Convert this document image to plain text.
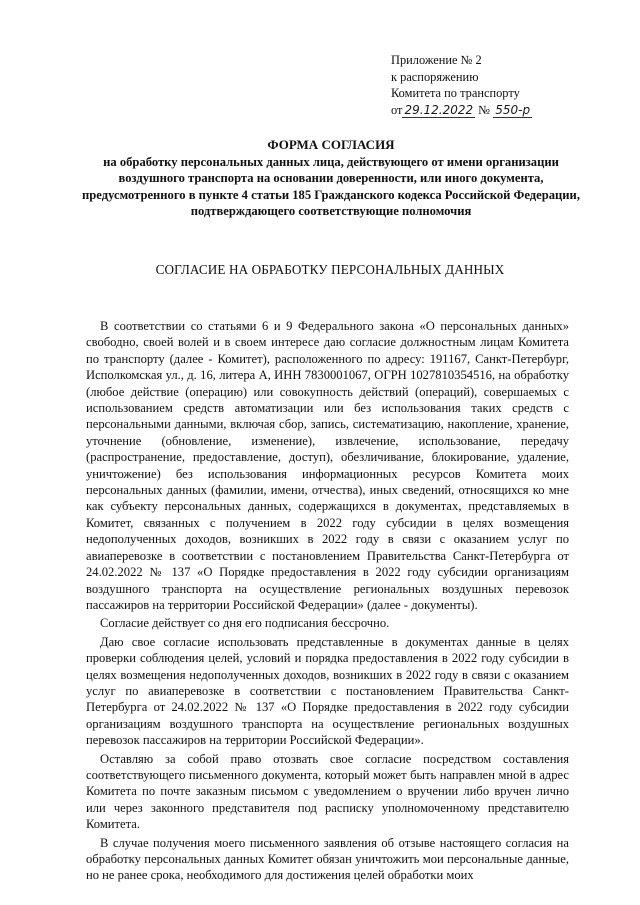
Приложение № 2
к распоряжению
Комитета по транспорту
от 29.12.2022 № 550-р
ФОРМА СОГЛАСИЯ
на обработку персональных данных лица, действующего от имени организации воздушного транспорта на основании доверенности, или иного документа, предусмотренного в пункте 4 статьи 185 Гражданского кодекса Российской Федерации, подтверждающего соответствующие полномочия
СОГЛАСИЕ НА ОБРАБОТКУ ПЕРСОНАЛЬНЫХ ДАННЫХ

В соответствии со статьями 6 и 9 Федерального закона «О персональных данных» свободно, своей волей и в своем интересе даю согласие должностным лицам Комитета по транспорту (далее - Комитет), расположенного по адресу: 191167, Санкт-Петербург, Исполкомская ул., д. 16, литера А, ИНН 7830001067, ОГРН 1027810354516, на обработку (любое действие (операцию) или совокупность действий (операций), совершаемых с использованием средств автоматизации или без использования таких средств с персональными данными, включая сбор, запись, систематизацию, накопление, хранение, уточнение (обновление, изменение), извлечение, использование, передачу (распространение, предоставление, доступ), обезличивание, блокирование, удаление, уничтожение) без использования информационных ресурсов Комитета моих персональных данных (фамилии, имени, отчества), иных сведений, относящихся ко мне как субъекту персональных данных, содержащихся в документах, представляемых в Комитет, связанных с получением в 2022 году субсидии в целях возмещения недополученных доходов, возникших в 2022 году в связи с оказанием услуг по авиаперевозке в соответствии с постановлением Правительства Санкт-Петербурга от 24.02.2022 № 137 «О Порядке предоставления в 2022 году субсидии организациям воздушного транспорта на осуществление региональных воздушных перевозок пассажиров на территории Российской Федерации» (далее - документы).

Согласие действует со дня его подписания бессрочно.

Даю свое согласие использовать представленные в документах данные в целях проверки соблюдения целей, условий и порядка предоставления в 2022 году субсидии в целях возмещения недополученных доходов, возникших в 2022 году в связи с оказанием услуг по авиаперевозке в соответствии с постановлением Правительства Санкт-Петербурга от 24.02.2022 № 137 «О Порядке предоставления в 2022 году субсидии организациям воздушного транспорта на осуществление региональных воздушных перевозок пассажиров на территории Российской Федерации».

Оставляю за собой право отозвать свое согласие посредством составления соответствующего письменного документа, который может быть направлен мной в адрес Комитета по почте заказным письмом с уведомлением о вручении либо вручен лично или через законного представителя под расписку уполномоченному представителю Комитета.

В случае получения моего письменного заявления об отзыве настоящего согласия на обработку персональных данных Комитет обязан уничтожить мои персональные данные, но не ранее срока, необходимого для достижения целей обработки моих
